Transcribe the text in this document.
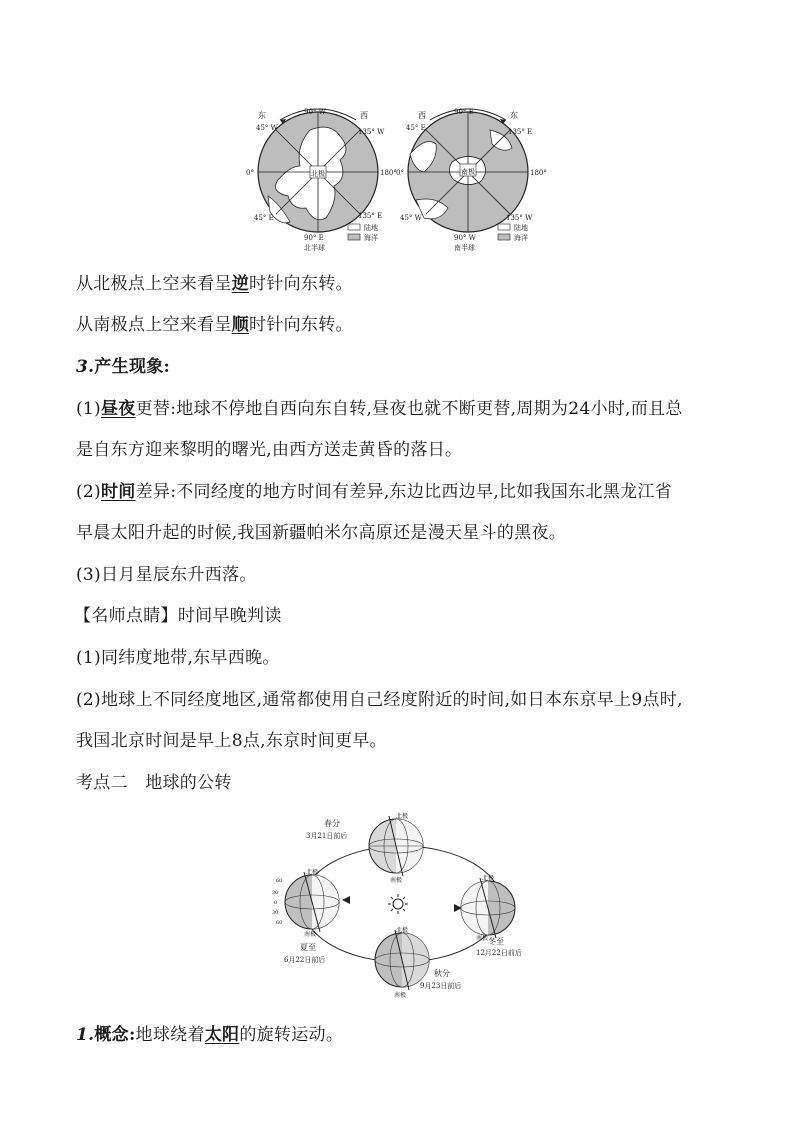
北极
东	西
90° W
45° W	135° W
0°	180°
45° E	135° E
90° E
北半球
陆地
海洋
南极
西	东
90° E
45° E	135° E
0°	180°
45° W	135° W
90° W
南半球
陆地
海洋
从北极点上空来看呈逆时针向东转。
从南极点上空来看呈顺时针向东转。
3.产生现象:
(1)昼夜更替:地球不停地自西向东自转,昼夜也就不断更替,周期为24小时,而且总
是自东方迎来黎明的曙光,由西方送走黄昏的落日。
(2)时间差异:不同经度的地方时间有差异,东边比西边早,比如我国东北黑龙江省
早晨太阳升起的时候,我国新疆帕米尔高原还是漫天星斗的黑夜。
(3)日月星辰东升西落。
【名师点睛】时间早晚判读
(1)同纬度地带,东早西晚。
(2)地球上不同经度地区,通常都使用自己经度附近的时间,如日本东京早上9点时,
我国北京时间是早上8点,东京时间更早。
考点二　地球的公转
北极
南极
春分
3月21日前后
北极
南极
夏至
6月22日前后
北极
南极 冬至
12月22日前后
北极
南极
秋分
9月23日前后
60
30
0
30
60
1.概念:地球绕着太阳的旋转运动。
